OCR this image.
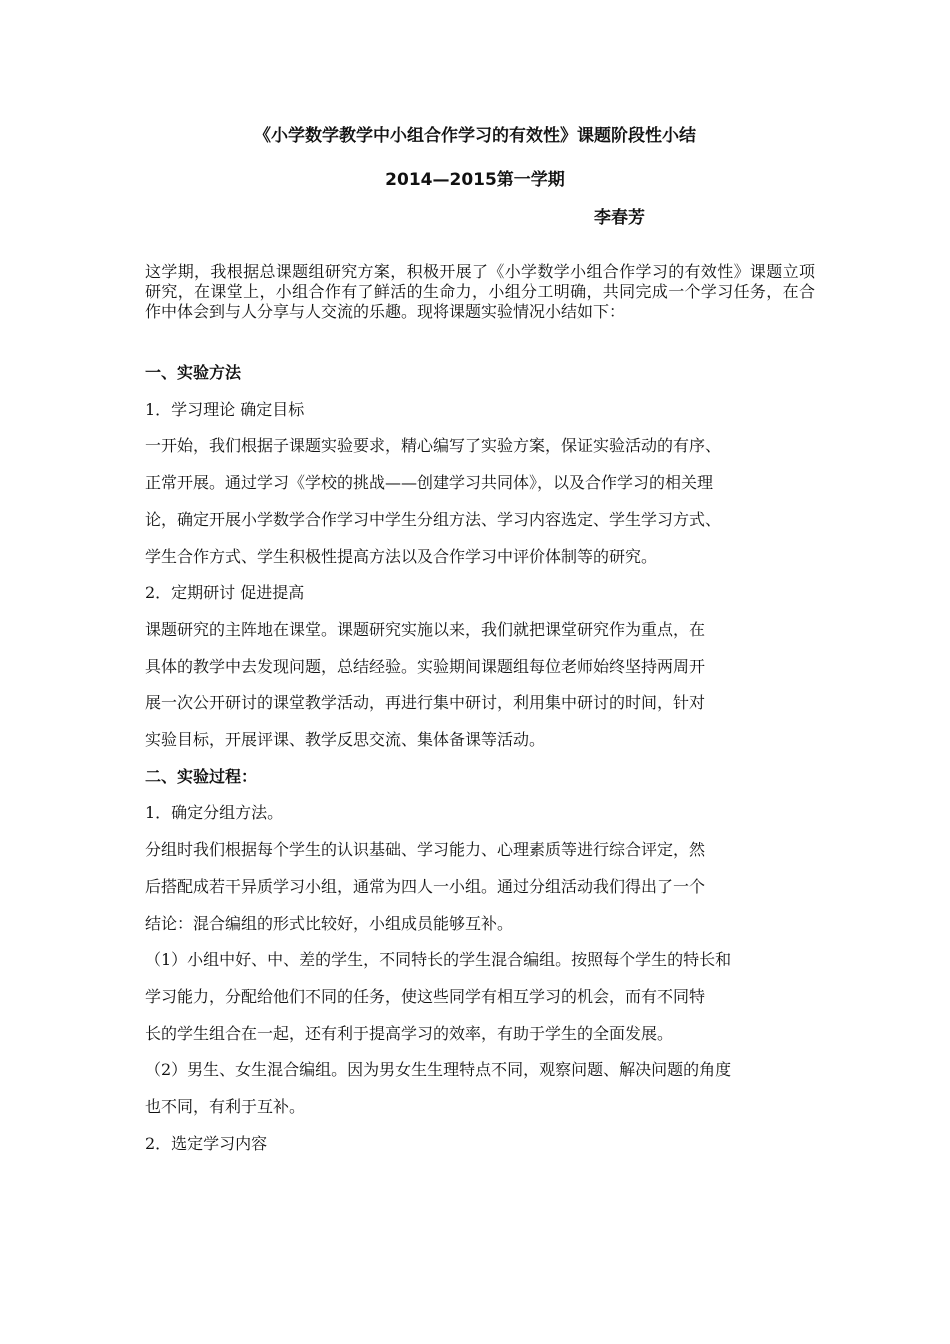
《小学数学教学中小组合作学习的有效性》课题阶段性小结

2014—2015第一学期

李春芳

这学期，我根据总课题组研究方案，积极开展了《小学数学小组合作学习的有效性》课题立项研究，在课堂上，小组合作有了鲜活的生命力，小组分工明确，共同完成一个学习任务，在合作中体会到与人分享与人交流的乐趣。现将课题实验情况小结如下：

一、实验方法

1．学习理论 确定目标

一开始，我们根据子课题实验要求，精心编写了实验方案，保证实验活动的有序、

正常开展。通过学习《学校的挑战——创建学习共同体》，以及合作学习的相关理

论，确定开展小学数学合作学习中学生分组方法、学习内容选定、学生学习方式、

学生合作方式、学生积极性提高方法以及合作学习中评价体制等的研究。

2．定期研讨 促进提高

课题研究的主阵地在课堂。课题研究实施以来，我们就把课堂研究作为重点，在

具体的教学中去发现问题，总结经验。实验期间课题组每位老师始终坚持两周开

展一次公开研讨的课堂教学活动，再进行集中研讨，利用集中研讨的时间，针对

实验目标，开展评课、教学反思交流、集体备课等活动。

二、实验过程：

1．确定分组方法。

分组时我们根据每个学生的认识基础、学习能力、心理素质等进行综合评定，然

后搭配成若干异质学习小组，通常为四人一小组。通过分组活动我们得出了一个

结论：混合编组的形式比较好，小组成员能够互补。

（1）小组中好、中、差的学生，不同特长的学生混合编组。按照每个学生的特长和

学习能力，分配给他们不同的任务，使这些同学有相互学习的机会，而有不同特

长的学生组合在一起，还有利于提高学习的效率，有助于学生的全面发展。

（2）男生、女生混合编组。因为男女生生理特点不同，观察问题、解决问题的角度

也不同，有利于互补。

2．选定学习内容
